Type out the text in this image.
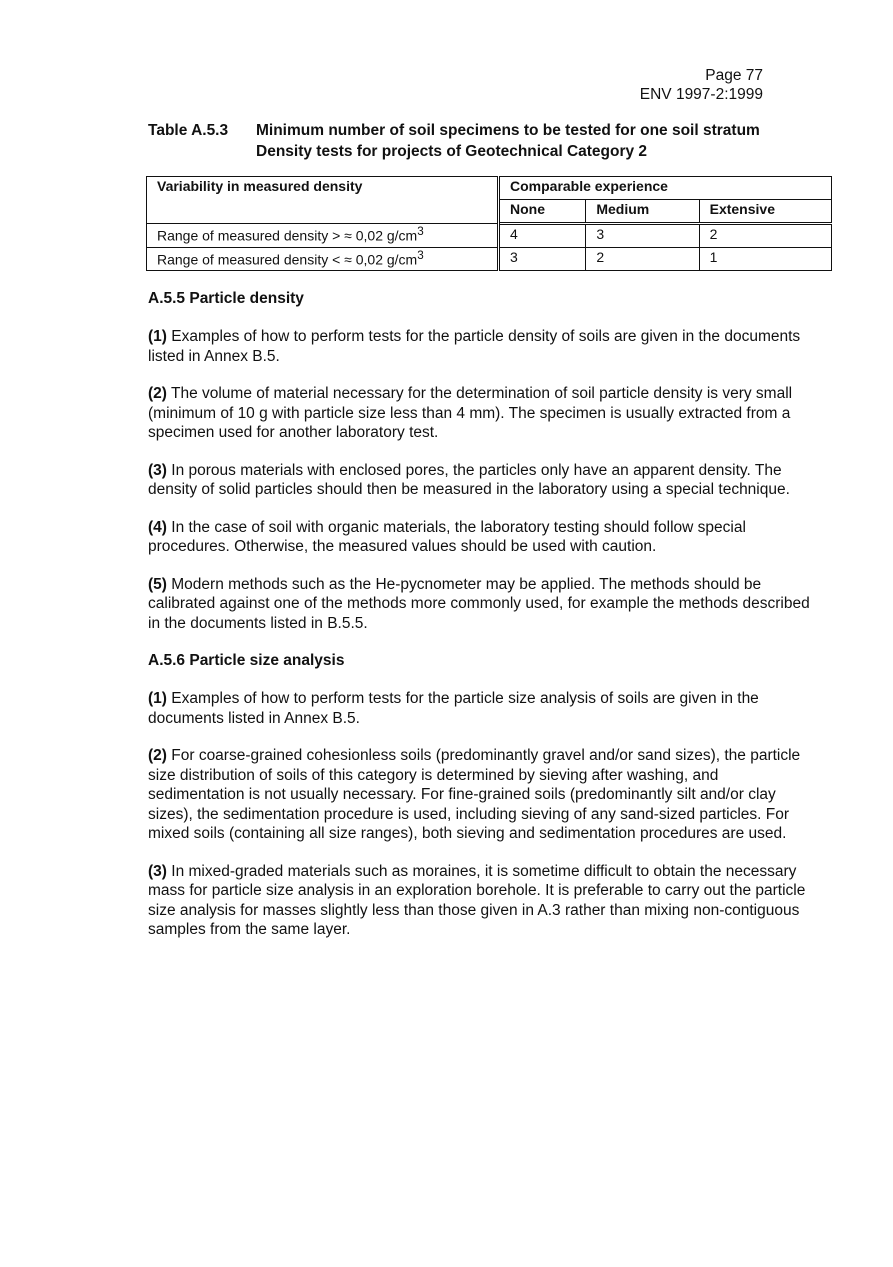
Page 77
ENV 1997-2:1999
Table A.5.3 Minimum number of soil specimens to be tested for one soil stratum
Density tests for projects of Geotechnical Category 2
Variability in measured density	Comparable experience		
	None	Medium	Extensive
Range of measured density > ≈ 0,02 $g/cm^3$	4	3	2
Range of measured density < ≈ 0,02 $g/cm^3$	3	2	1
A.5.5 Particle density

(1) Examples of how to perform tests for the particle density of soils are given in the documents listed in Annex B.5.

(2) The volume of material necessary for the determination of soil particle density is very small (minimum of 10 g with particle size less than 4 mm). The specimen is usually extracted from a specimen used for another laboratory test.

(3) In porous materials with enclosed pores, the particles only have an apparent density. The density of solid particles should then be measured in the laboratory using a special technique.

(4) In the case of soil with organic materials, the laboratory testing should follow special procedures. Otherwise, the measured values should be used with caution.

(5) Modern methods such as the He-pycnometer may be applied. The methods should be calibrated against one of the methods more commonly used, for example the methods described in the documents listed in B.5.5.

A.5.6 Particle size analysis

(1) Examples of how to perform tests for the particle size analysis of soils are given in the documents listed in Annex B.5.

(2) For coarse-grained cohesionless soils (predominantly gravel and/or sand sizes), the particle size distribution of soils of this category is determined by sieving after washing, and sedimentation is not usually necessary. For fine-grained soils (predominantly silt and/or clay sizes), the sedimentation procedure is used, including sieving of any sand-sized particles. For mixed soils (containing all size ranges), both sieving and sedimentation procedures are used.

(3) In mixed-graded materials such as moraines, it is sometime difficult to obtain the necessary mass for particle size analysis in an exploration borehole. It is preferable to carry out the particle size analysis for masses slightly less than those given in A.3 rather than mixing non-contiguous samples from the same layer.
